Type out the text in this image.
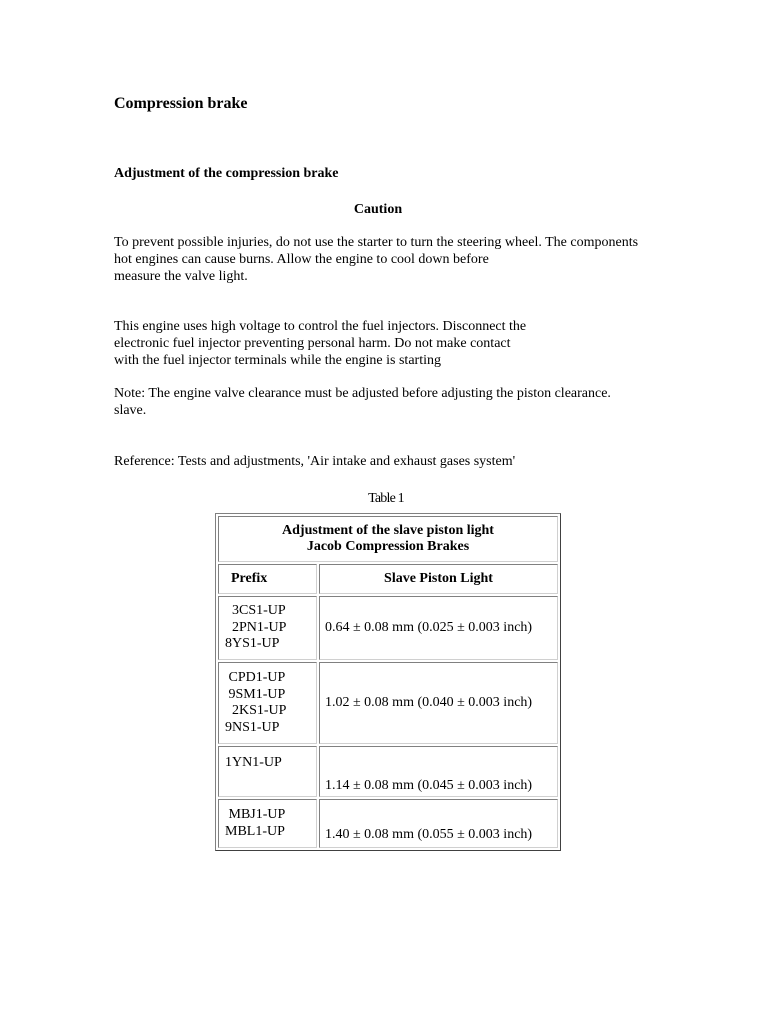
Compression brake
Adjustment of the compression brake

Caution

To prevent possible injuries, do not use the starter to turn the steering wheel. The components
hot engines can cause burns. Allow the engine to cool down before
measure the valve light.

This engine uses high voltage to control the fuel injectors. Disconnect the
electronic fuel injector preventing personal harm. Do not make contact
with the fuel injector terminals while the engine is starting

Note: The engine valve clearance must be adjusted before adjusting the piston clearance.
slave.

Reference: Tests and adjustments, 'Air intake and exhaust gases system'

Table 1

Adjustment of the slave piston light
Jacob Compression Brakes	

Prefix	Slave Piston Light
3CS1-UP
2PN1-UP
8YS1-UP	0.64 ± 0.08 mm (0.025 ± 0.003 inch)
CPD1-UP
9SM1-UP
2KS1-UP
9NS1-UP	1.02 ± 0.08 mm (0.040 ± 0.003 inch)
1YN1-UP	1.14 ± 0.08 mm (0.045 ± 0.003 inch)
MBJ1-UP
MBL1-UP	1.40 ± 0.08 mm (0.055 ± 0.003 inch)
